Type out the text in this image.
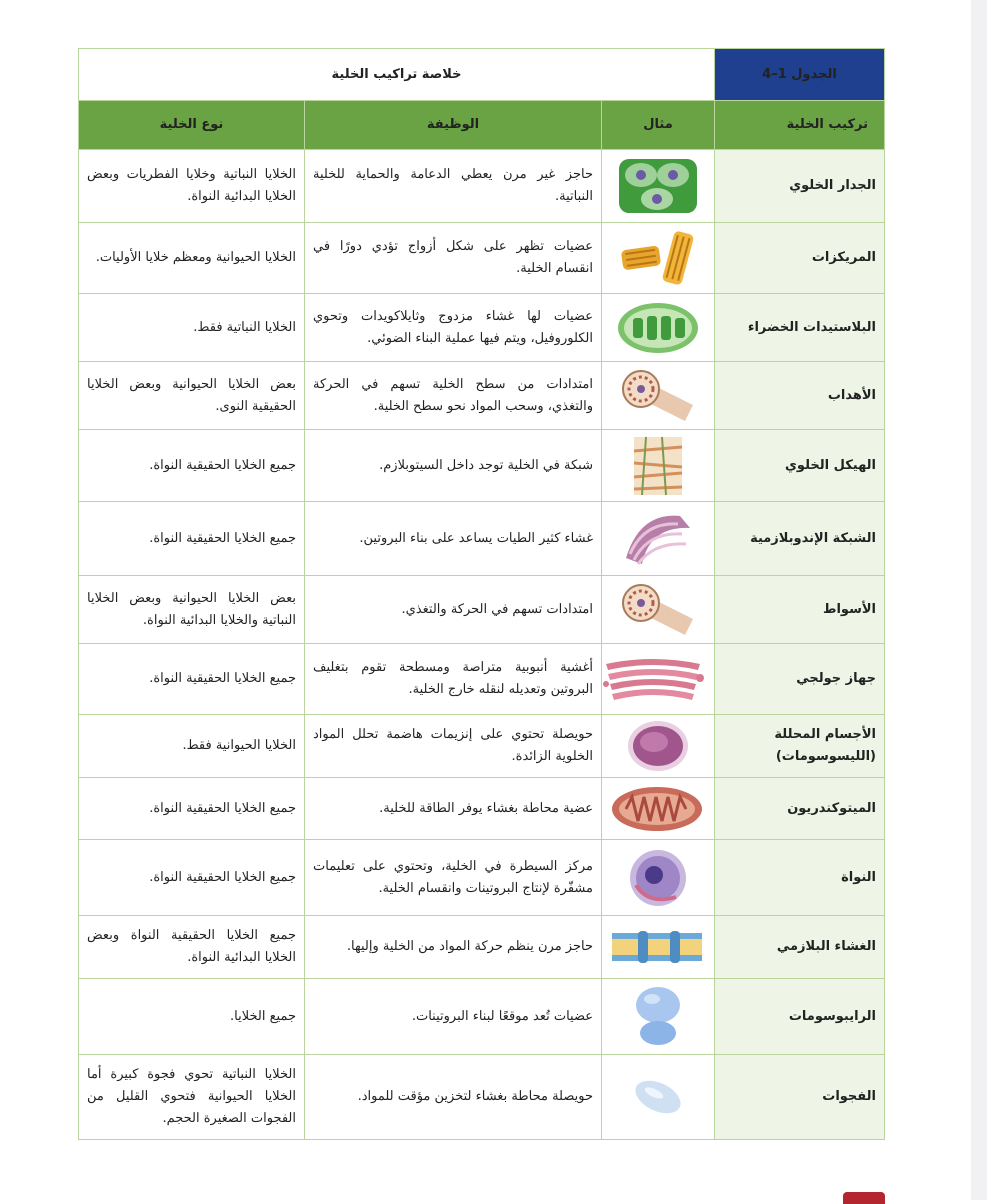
الجدول 1–4	خلاصة تراكيب الخلية		
تركيب الخلية	مثال	الوظيفة	نوع الخلية
الجدار الخلوي		حاجز غير مرن يعطي الدعامة والحماية للخلية النباتية.	الخلايا النباتية وخلايا الفطريات وبعض الخلايا البدائية النواة.
المريكزات		عضيات تظهر على شكل أزواج تؤدي دورًا في انقسام الخلية.	الخلايا الحيوانية ومعظم خلايا الأوليات.
البلاستيدات الخضراء		عضيات لها غشاء مزدوج وثايلاكويدات وتحوي الكلوروفيل، ويتم فيها عملية البناء الضوئي.	الخلايا النباتية فقط.
الأهداب		امتدادات من سطح الخلية تسهم في الحركة والتغذي، وسحب المواد نحو سطح الخلية.	بعض الخلايا الحيوانية وبعض الخلايا الحقيقية النوى.
الهيكل الخلوي		شبكة في الخلية توجد داخل السيتوبلازم.	جميع الخلايا الحقيقية النواة.
الشبكة الإندوبلازمية		غشاء كثير الطيات يساعد على بناء البروتين.	جميع الخلايا الحقيقية النواة.
الأسواط		امتدادات تسهم في الحركة والتغذي.	بعض الخلايا الحيوانية وبعض الخلايا النباتية والخلايا البدائية النواة.
جهاز جولجي		أغشية أنبوبية متراصة ومسطحة تقوم بتغليف البروتين وتعديله لنقله خارج الخلية.	جميع الخلايا الحقيقية النواة.
الأجسام المحللة (الليسوسومات)		حويصلة تحتوي على إنزيمات هاضمة تحلل المواد الخلوية الزائدة.	الخلايا الحيوانية فقط.
الميتوكندريون		عضية محاطة بغشاء يوفر الطاقة للخلية.	جميع الخلايا الحقيقية النواة.
النواة		مركز السيطرة في الخلية، وتحتوي على تعليمات مشفّرة لإنتاج البروتينات وانقسام الخلية.	جميع الخلايا الحقيقية النواة.
الغشاء البلازمي		حاجز مرن ينظم حركة المواد من الخلية وإليها.	جميع الخلايا الحقيقية النواة وبعض الخلايا البدائية النواة.
الرايبوسومات		عضيات تُعد موقعًا لبناء البروتينات.	جميع الخلايا.
الفجوات		حويصلة محاطة بغشاء لتخزين مؤقت للمواد.	الخلايا النباتية تحوي فجوة كبيرة أما الخلايا الحيوانية فتحوي القليل من الفجوات الصغيرة الحجم.
